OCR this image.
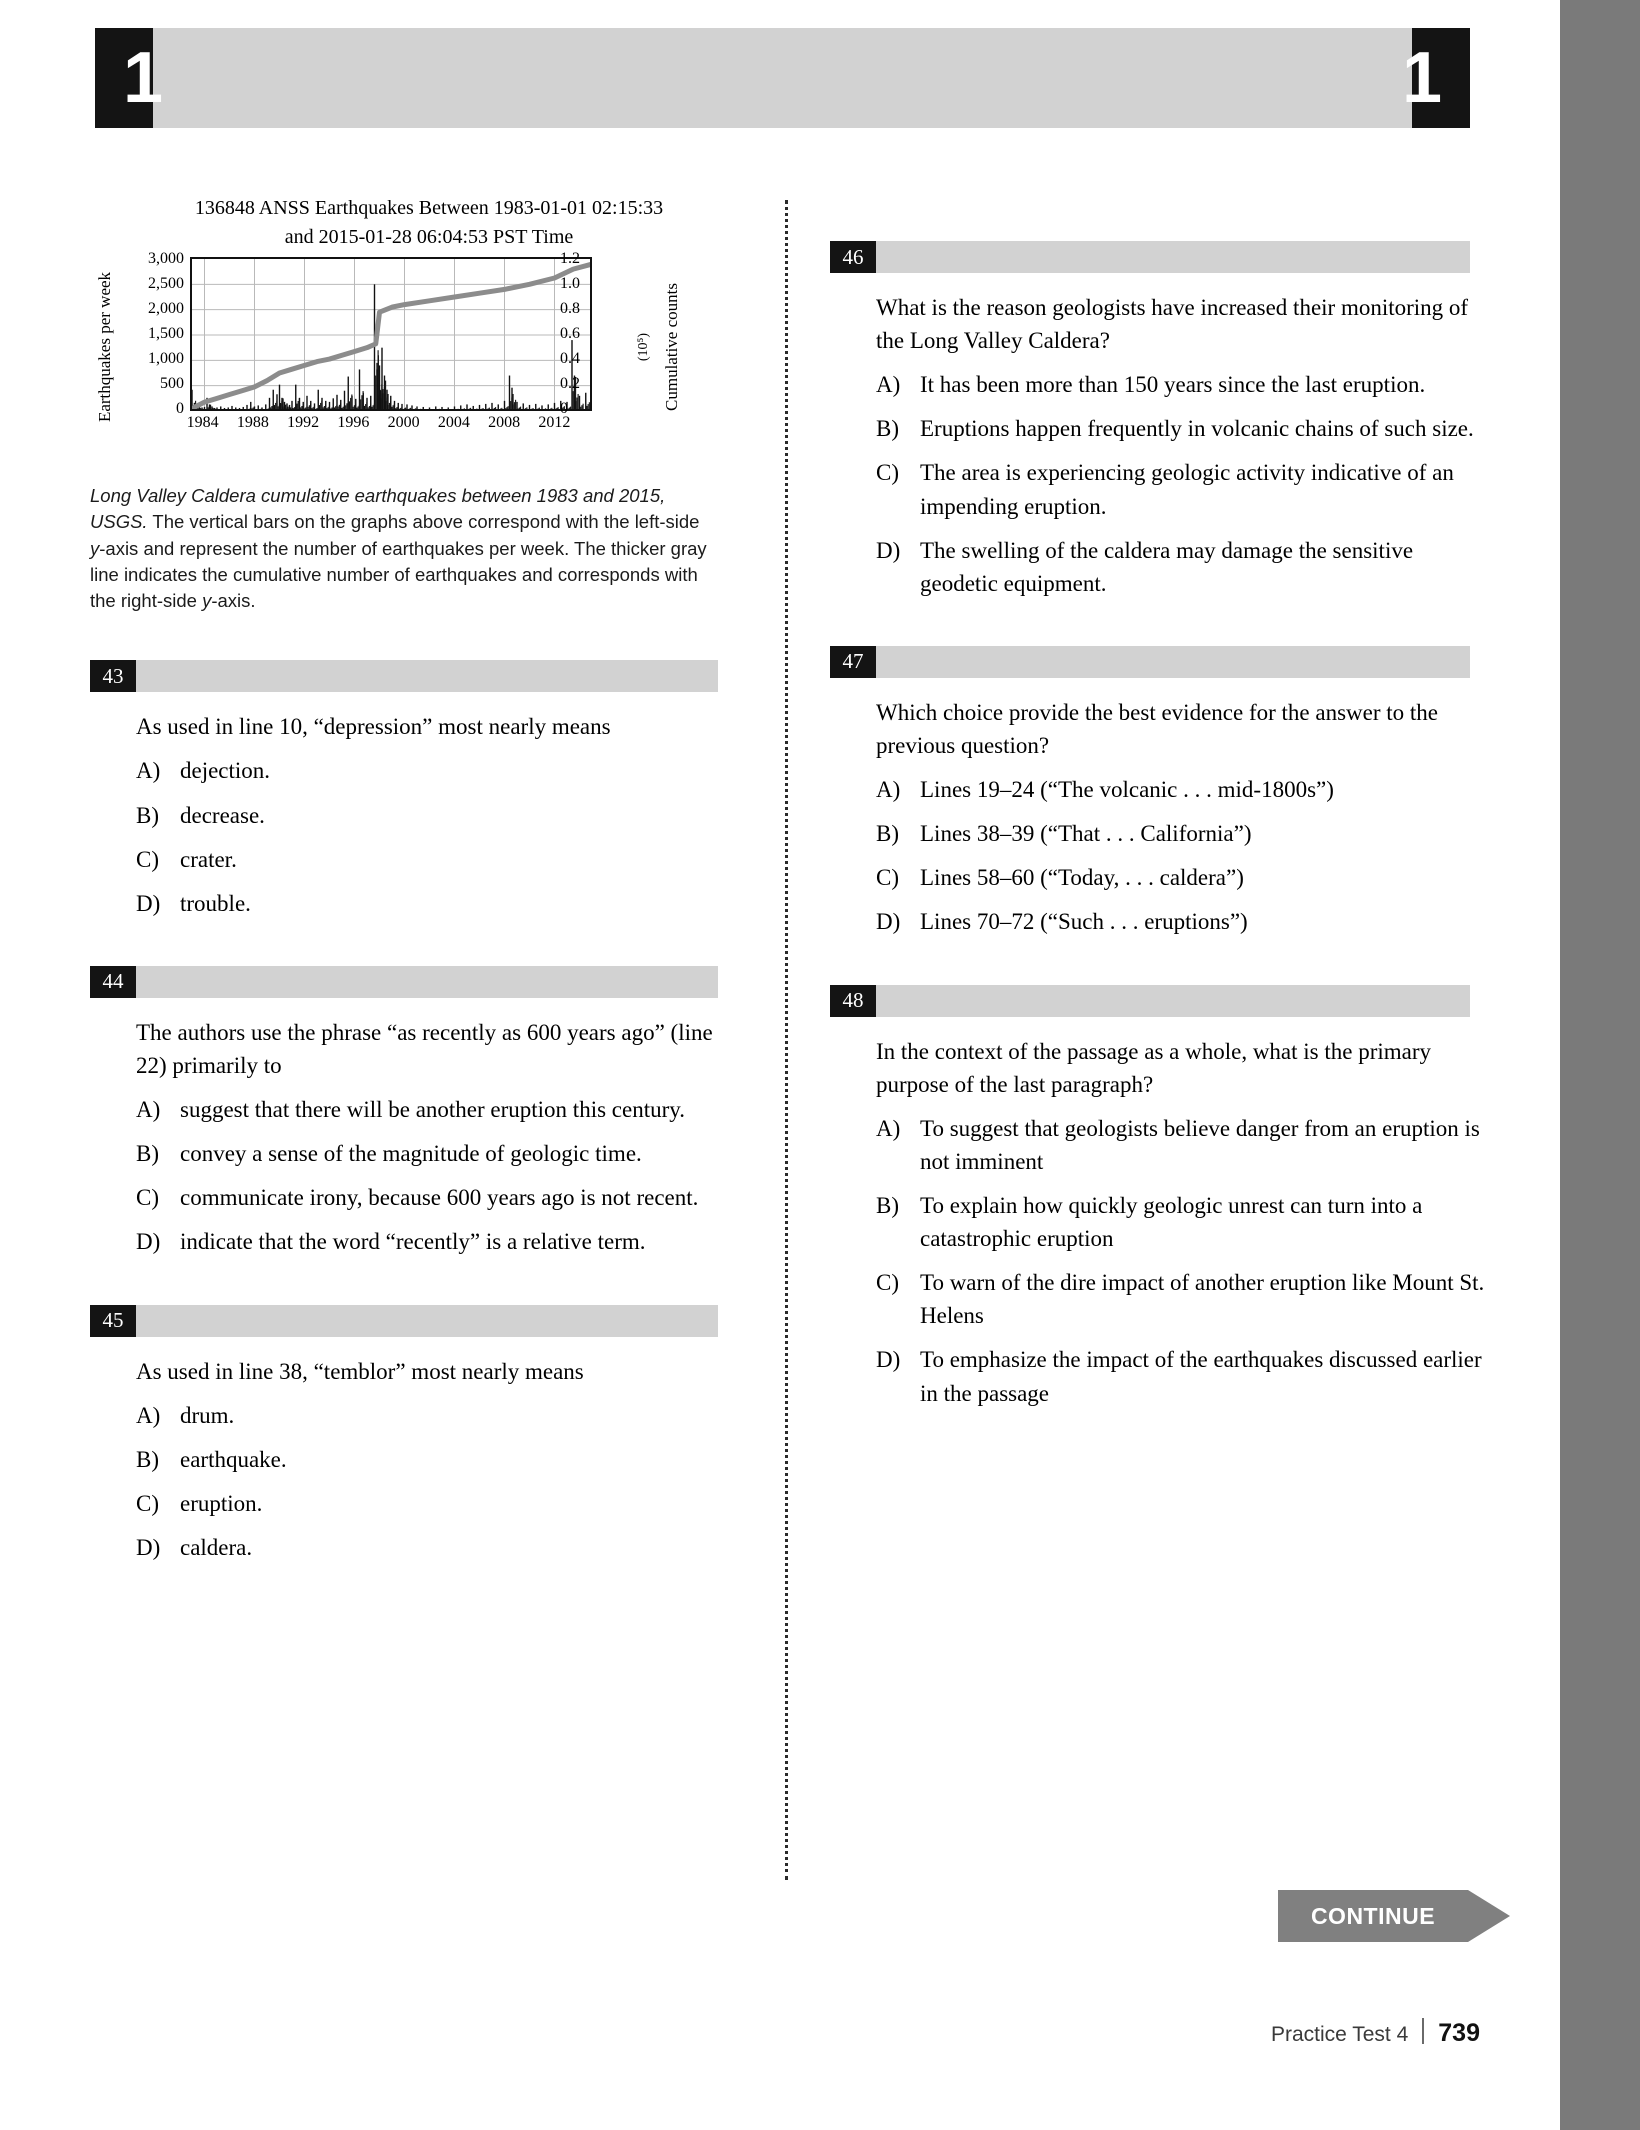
1	1
136848 ANSS Earthquakes Between 1983-01-01 02:15:33
and 2015-01-28 06:04:53 PST Time
Earthquakes per week
3,000
2,500
2,000
1,500
1,000
500
0
1.2
1.0
0.8
0.6
0.4
0.2
0	Cumulative counts
(10⁵)
1984 1988 1992 1996 2000 2004 2008 2012
Long Valley Caldera cumulative earthquakes between 1983 and 2015, USGS. The vertical bars on the graphs above correspond with the left-side y-axis and represent the number of earthquakes per week. The thicker gray line indicates the cumulative number of earthquakes and corresponds with the right-side y-axis.
43
As used in line 10, “depression” most nearly means
A) dejection.
B) decrease.
C) crater.
D) trouble.
44
The authors use the phrase “as recently as 600 years ago” (line 22) primarily to
A) suggest that there will be another eruption this century.
B) convey a sense of the magnitude of geologic time.
C) communicate irony, because 600 years ago is not recent.
D) indicate that the word “recently” is a relative term.
45
As used in line 38, “temblor” most nearly means
A) drum.
B) earthquake.
C) eruption.
D) caldera.
46
What is the reason geologists have increased their monitoring of the Long Valley Caldera?
A) It has been more than 150 years since the last eruption.
B) Eruptions happen frequently in volcanic chains of such size.
C) The area is experiencing geologic activity indicative of an impending eruption.
D) The swelling of the caldera may damage the sensitive geodetic equipment.
47
Which choice provide the best evidence for the answer to the previous question?
A) Lines 19–24 (“The volcanic . . . mid-1800s”)
B) Lines 38–39 (“That . . . California”)
C) Lines 58–60 (“Today, . . . caldera”)
D) Lines 70–72 (“Such . . . eruptions”)
48
In the context of the passage as a whole, what is the primary purpose of the last paragraph?
A) To suggest that geologists believe danger from an eruption is not imminent
B) To explain how quickly geologic unrest can turn into a catastrophic eruption
C) To warn of the dire impact of another eruption like Mount St. Helens
D) To emphasize the impact of the earthquakes discussed earlier in the passage
CONTINUE
Practice Test 4 739
